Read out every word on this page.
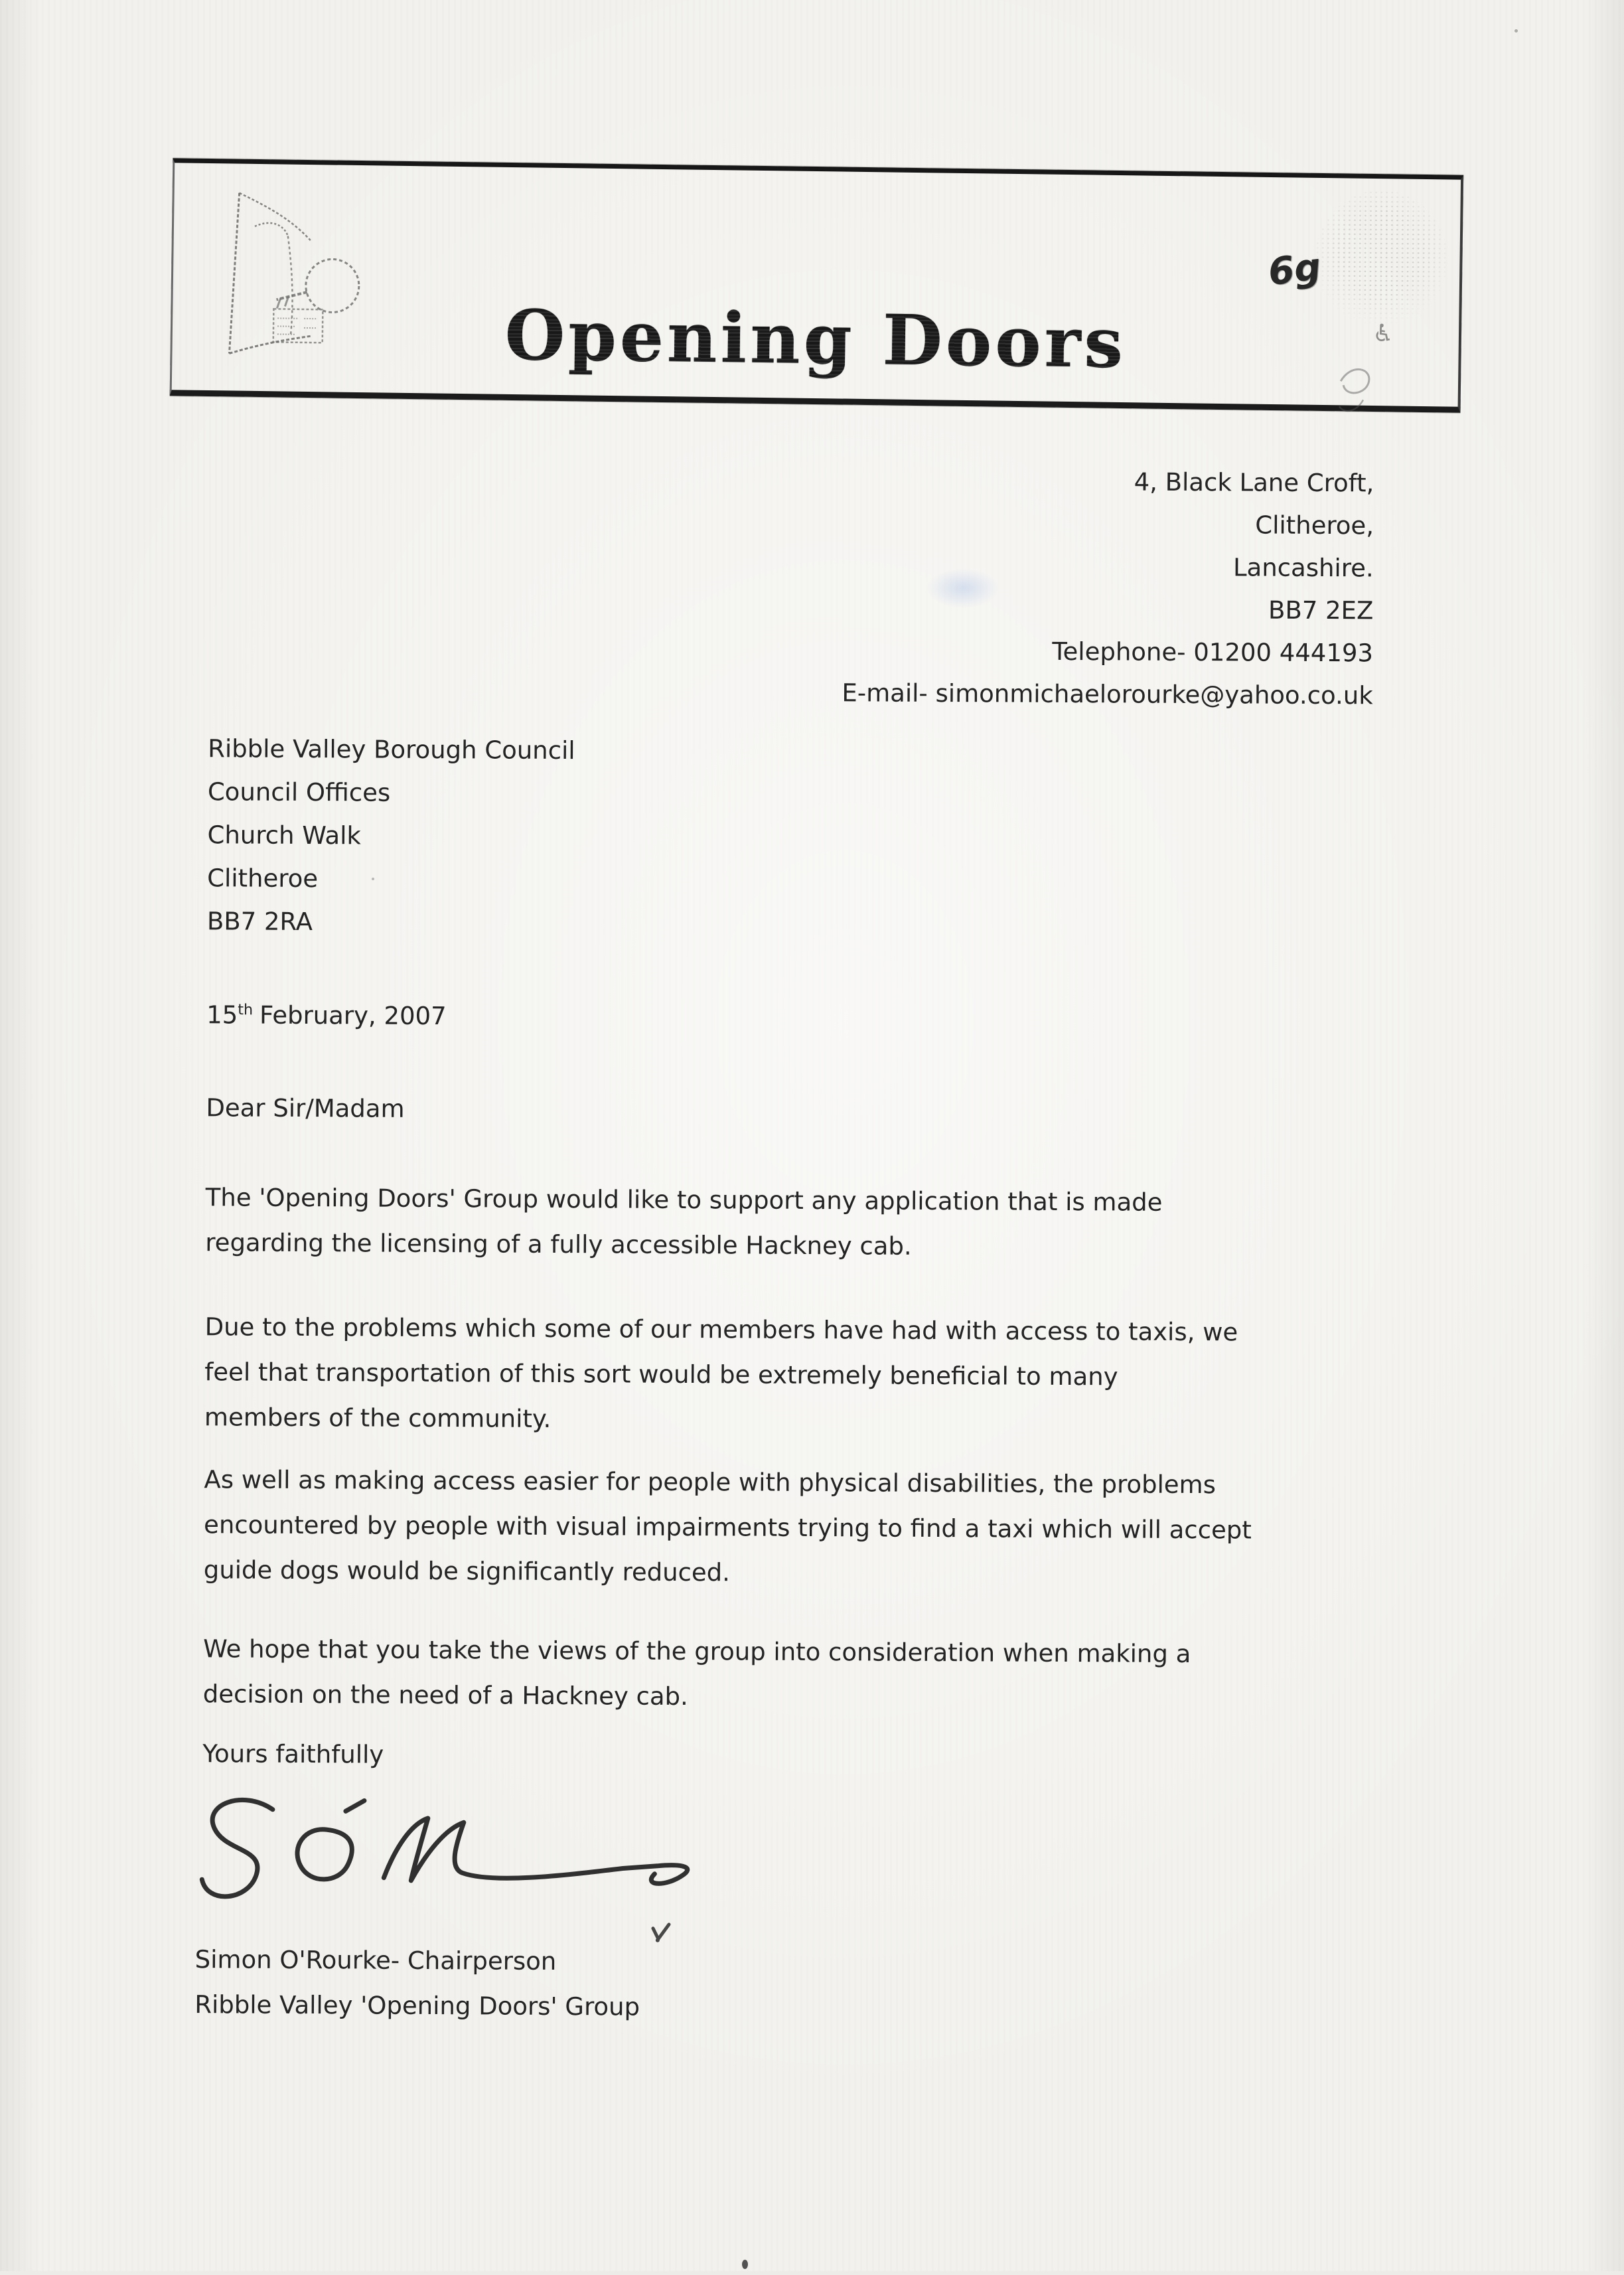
Opening Doors
6g
♿
4, Black Lane Croft,
Clitheroe,
Lancashire.
BB7 2EZ
Telephone- 01200 444193
E-mail- simonmichaelorourke@yahoo.co.uk
Ribble Valley Borough Council
Council Offices
Church Walk
Clitheroe
BB7 2RA
15th February, 2007
Dear Sir/Madam
The 'Opening Doors' Group would like to support any application that is made
regarding the licensing of a fully accessible Hackney cab.
Due to the problems which some of our members have had with access to taxis, we
feel that transportation of this sort would be extremely beneficial to many
members of the community.
As well as making access easier for people with physical disabilities, the problems
encountered by people with visual impairments trying to find a taxi which will accept
guide dogs would be significantly reduced.
We hope that you take the views of the group into consideration when making a
decision on the need of a Hackney cab.
Yours faithfully
Simon O'Rourke- Chairperson
Ribble Valley 'Opening Doors' Group
